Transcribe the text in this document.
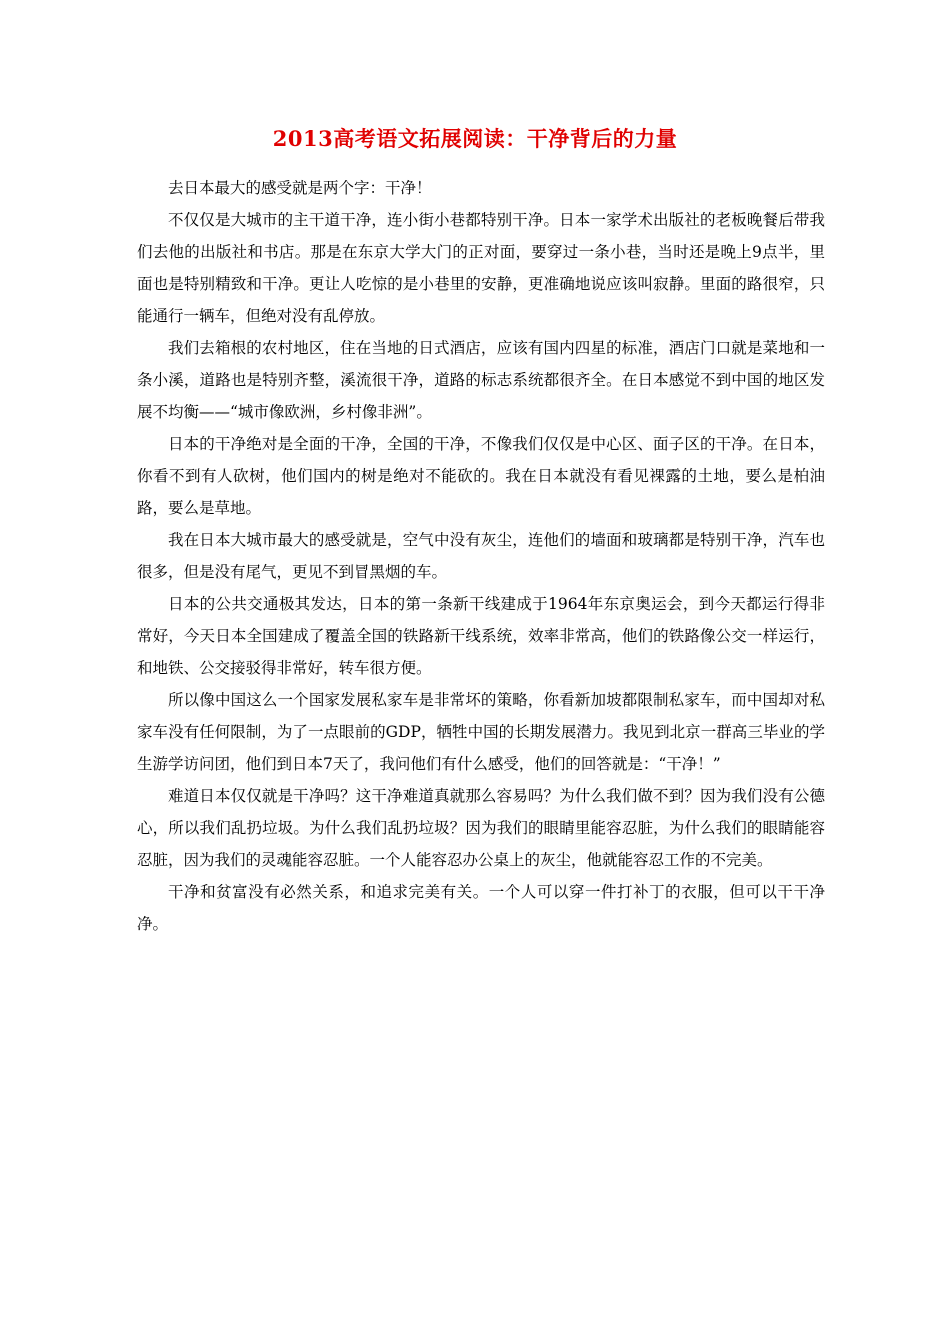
2013高考语文拓展阅读：干净背后的力量

去日本最大的感受就是两个字：干净！

不仅仅是大城市的主干道干净，连小街小巷都特别干净。日本一家学术出版社的老板晚餐后带我们去他的出版社和书店。那是在东京大学大门的正对面，要穿过一条小巷，当时还是晚上9点半，里面也是特别精致和干净。更让人吃惊的是小巷里的安静，更准确地说应该叫寂静。里面的路很窄，只能通行一辆车，但绝对没有乱停放。

我们去箱根的农村地区，住在当地的日式酒店，应该有国内四星的标准，酒店门口就是菜地和一条小溪，道路也是特别齐整，溪流很干净，道路的标志系统都很齐全。在日本感觉不到中国的地区发展不均衡——“城市像欧洲，乡村像非洲”。

日本的干净绝对是全面的干净，全国的干净，不像我们仅仅是中心区、面子区的干净。在日本，你看不到有人砍树，他们国内的树是绝对不能砍的。我在日本就没有看见裸露的土地，要么是柏油路，要么是草地。

我在日本大城市最大的感受就是，空气中没有灰尘，连他们的墙面和玻璃都是特别干净，汽车也很多，但是没有尾气，更见不到冒黑烟的车。

日本的公共交通极其发达，日本的第一条新干线建成于1964年东京奥运会，到今天都运行得非常好，今天日本全国建成了覆盖全国的铁路新干线系统，效率非常高，他们的铁路像公交一样运行，和地铁、公交接驳得非常好，转车很方便。

所以像中国这么一个国家发展私家车是非常坏的策略，你看新加坡都限制私家车，而中国却对私家车没有任何限制，为了一点眼前的GDP，牺牲中国的长期发展潜力。我见到北京一群高三毕业的学生游学访问团，他们到日本7天了，我问他们有什么感受，他们的回答就是：“干净！”

难道日本仅仅就是干净吗？这干净难道真就那么容易吗？为什么我们做不到？因为我们没有公德心，所以我们乱扔垃圾。为什么我们乱扔垃圾？因为我们的眼睛里能容忍脏，为什么我们的眼睛能容忍脏，因为我们的灵魂能容忍脏。一个人能容忍办公桌上的灰尘，他就能容忍工作的不完美。

干净和贫富没有必然关系，和追求完美有关。一个人可以穿一件打补丁的衣服，但可以干干净净。
